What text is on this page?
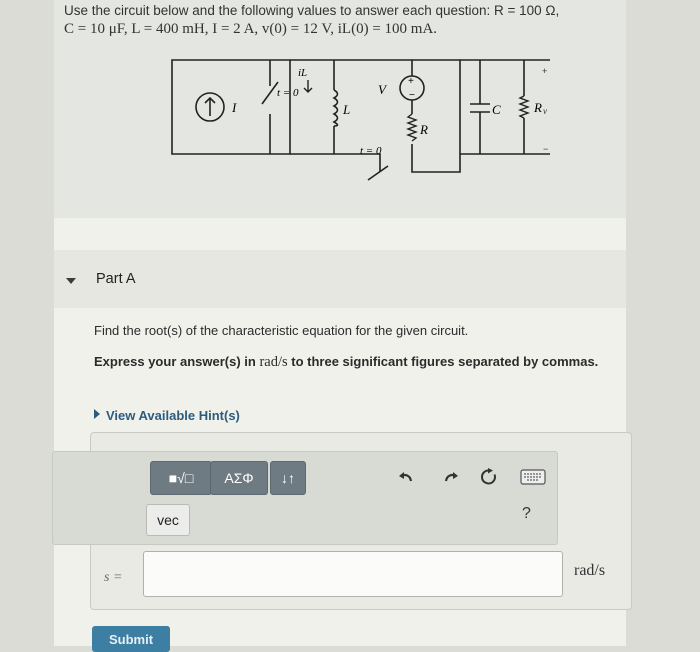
Use the circuit below and the following values to answer each question: R = 100 Ω,
C = 10 μF, L = 400 mH, I = 2 A, v(0) = 12 V, iL(0) = 100 mA.
I
t = 0
L
iL
+
−
V
R
t = 0
C	R
+
v
−
Part A
Find the root(s) of the characteristic equation for the given circuit.
Express your answer(s) in rad/s to three significant figures separated by commas.
View Available Hint(s)
■√□ ΑΣΦ ↓↑
vec	?
s =	rad/s
Submit
